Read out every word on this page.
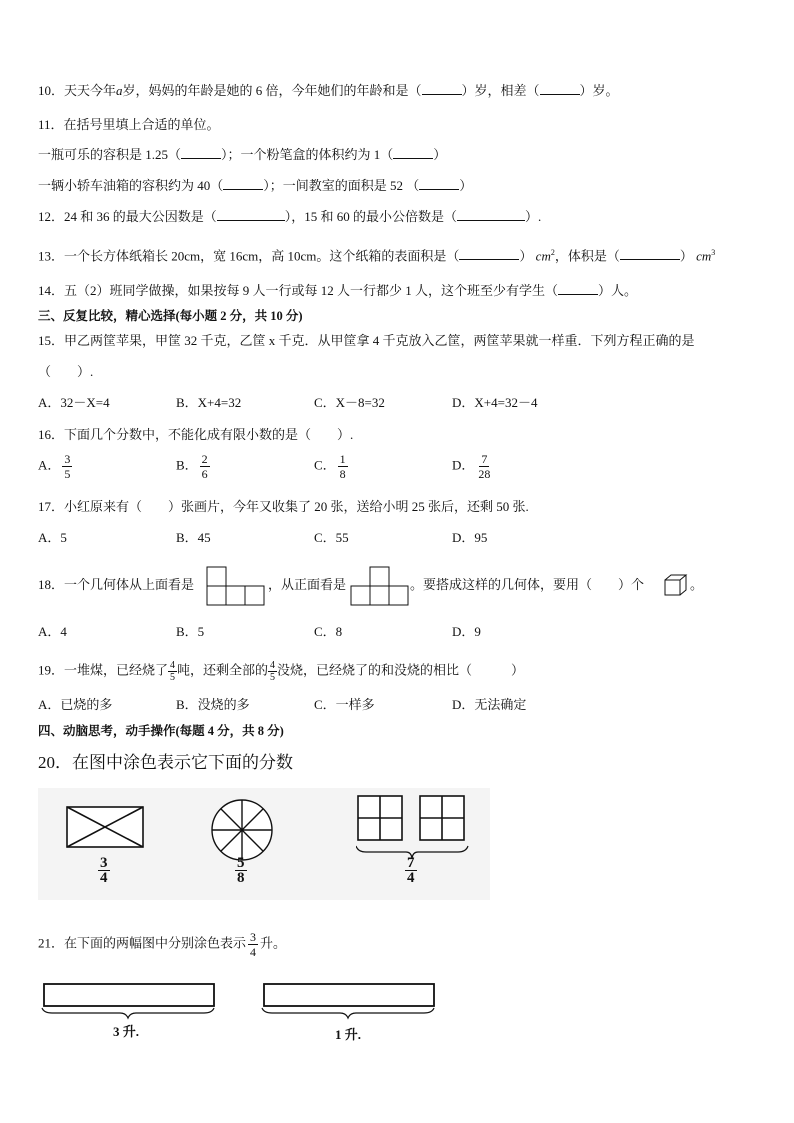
10．天天今年a岁，妈妈的年龄是她的 6 倍，今年她们的年龄和是（	）岁，相差（	）岁。
11．在括号里填上合适的单位。
一瓶可乐的容积是 1.25（	）；一个粉笔盒的体积约为 1（	）
一辆小轿车油箱的容积约为 40（	）；一间教室的面积是 52 （	）
12．24 和 36 的最大公因数是（	），15 和 60 的最小公倍数是（	）.
13．一个长方体纸箱长 20cm，宽 16cm，高 10cm。这个纸箱的表面积是（	） $cm^2$，体积是（	） $cm^3$
14．五（2）班同学做操，如果按每 9 人一行或每 12 人一行都少 1 人，这个班至少有学生（	）人。
三、反复比较，精心选择(每小题 2 分，共 10 分)
15．甲乙两筐苹果，甲筐 32 千克，乙筐 x 千克．从甲筐拿 4 千克放入乙筐，两筐苹果就一样重．下列方程正确的是
（　　）.
A．32－X=4	B．X+4=32	C．X－8=32	D．X+4=32－4
16．下面几个分数中，不能化成有限小数的是（　　）.
A． $\frac{3}{5}$	B． $\frac{2}{6}$	C． $\frac{1}{8}$	D． $\frac{7}{28}$
17．小红原来有（　　）张画片，今年又收集了 20 张，送给小明 25 张后，还剩 50 张.
A．5	B．45	C．55	D．95
18．一个几何体从上面看是	，从正面看是	。要搭成这样的几何体，要用（　　）个	。
A．4	B．5	C．8	D．9
19．一堆煤，已经烧了 $\frac{4}{5}$ 吨，还剩全部的 $\frac{4}{5}$ 没烧，已经烧了的和没烧的相比（　　　）
A．已烧的多	B．没烧的多	C．一样多	D．无法确定
四、动脑思考，动手操作(每题 4 分，共 8 分)
20．在图中涂色表示它下面的分数
$\frac{3}{4}$	$\frac{5}{8}$	$\frac{7}{4}$
21．在下面的两幅图中分别涂色表示 $\frac{3}{4}$ 升。
3 升.	1 升.
